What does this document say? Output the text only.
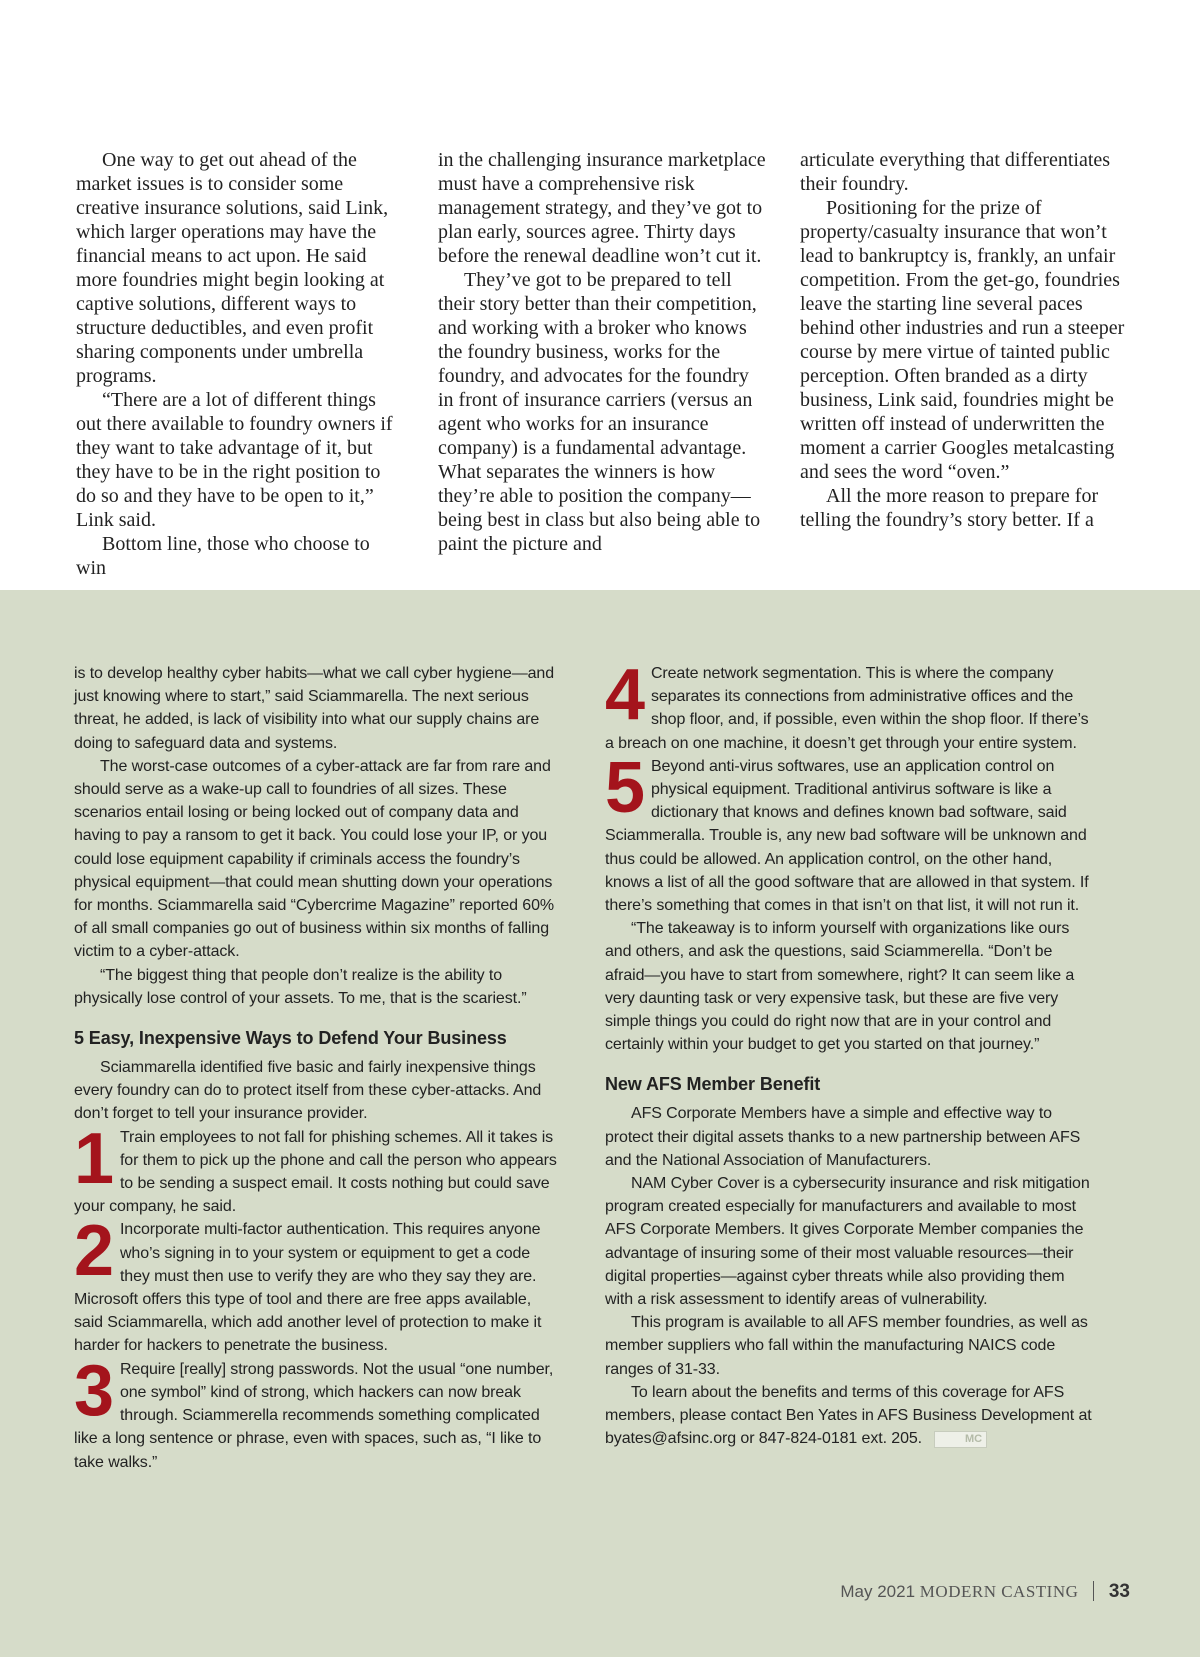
One way to get out ahead of the market issues is to consider some creative insurance solutions, said Link, which larger operations may have the financial means to act upon. He said more foundries might begin looking at captive solutions, different ways to structure deductibles, and even profit sharing components under umbrella programs.

“There are a lot of different things out there available to foundry owners if they want to take advantage of it, but they have to be in the right position to do so and they have to be open to it,” Link said.

Bottom line, those who choose to win

in the challenging insurance marketplace must have a comprehensive risk management strategy, and they’ve got to plan early, sources agree. Thirty days before the renewal deadline won’t cut it.

They’ve got to be prepared to tell their story better than their competition, and working with a broker who knows the foundry business, works for the foundry, and advocates for the foundry in front of insurance carriers (versus an agent who works for an insurance company) is a fundamental advantage. What separates the winners is how they’re able to position the company—being best in class but also being able to paint the picture and

articulate everything that differentiates their foundry.

Positioning for the prize of property/casualty insurance that won’t lead to bankruptcy is, frankly, an unfair competition. From the get-go, foundries leave the starting line several paces behind other industries and run a steeper course by mere virtue of tainted public perception. Often branded as a dirty business, Link said, foundries might be written off instead of underwritten the moment a carrier Googles metalcasting and sees the word “oven.”

All the more reason to prepare for telling the foundry’s story better. If a

is to develop healthy cyber habits—what we call cyber hygiene—and just knowing where to start,” said Sciammarella. The next serious threat, he added, is lack of visibility into what our supply chains are doing to safeguard data and systems.

The worst-case outcomes of a cyber-attack are far from rare and should serve as a wake-up call to foundries of all sizes. These scenarios entail losing or being locked out of company data and having to pay a ransom to get it back. You could lose your IP, or you could lose equipment capability if criminals access the foundry’s physical equipment—that could mean shutting down your operations for months. Sciammarella said “Cybercrime Magazine” reported 60% of all small companies go out of business within six months of falling victim to a cyber-attack.

“The biggest thing that people don’t realize is the ability to physically lose control of your assets. To me, that is the scariest.”

5 Easy, Inexpensive Ways to Defend Your Business

Sciammarella identified five basic and fairly inexpensive things every foundry can do to protect itself from these cyber-attacks. And don’t forget to tell your insurance provider.

1 Train employees to not fall for phishing schemes. All it takes is for them to pick up the phone and call the person who appears to be sending a suspect email. It costs nothing but could save your company, he said.
2 Incorporate multi-factor authentication. This requires anyone who’s signing in to your system or equipment to get a code they must then use to verify they are who they say they are. Microsoft offers this type of tool and there are free apps available, said Sciammarella, which add another level of protection to make it harder for hackers to penetrate the business.
3 Require [really] strong passwords. Not the usual “one number, one symbol” kind of strong, which hackers can now break through. Sciammerella recommends something complicated like a long sentence or phrase, even with spaces, such as, “I like to take walks.”
4 Create network segmentation. This is where the company separates its connections from administrative offices and the shop floor, and, if possible, even within the shop floor. If there’s a breach on one machine, it doesn’t get through your entire system.
5 Beyond anti-virus softwares, use an application control on physical equipment. Traditional antivirus software is like a dictionary that knows and defines known bad software, said Sciammeralla. Trouble is, any new bad software will be unknown and thus could be allowed. An application control, on the other hand, knows a list of all the good software that are allowed in that system. If there’s something that comes in that isn’t on that list, it will not run it.

“The takeaway is to inform yourself with organizations like ours and others, and ask the questions, said Sciammerella. “Don’t be afraid—you have to start from somewhere, right? It can seem like a very daunting task or very expensive task, but these are five very simple things you could do right now that are in your control and certainly within your budget to get you started on that journey.”

New AFS Member Benefit

AFS Corporate Members have a simple and effective way to protect their digital assets thanks to a new partnership between AFS and the National Association of Manufacturers.

NAM Cyber Cover is a cybersecurity insurance and risk mitigation program created especially for manufacturers and available to most AFS Corporate Members. It gives Corporate Member companies the advantage of insuring some of their most valuable resources—their digital properties—against cyber threats while also providing them with a risk assessment to identify areas of vulnerability.

This program is available to all AFS member foundries, as well as member suppliers who fall within the manufacturing NAICS code ranges of 31-33.

To learn about the benefits and terms of this coverage for AFS members, please contact Ben Yates in AFS Business Development at byates@afsinc.org or 847-824-0181 ext. 205.	MC

May 2021 MODERN CASTING 33
